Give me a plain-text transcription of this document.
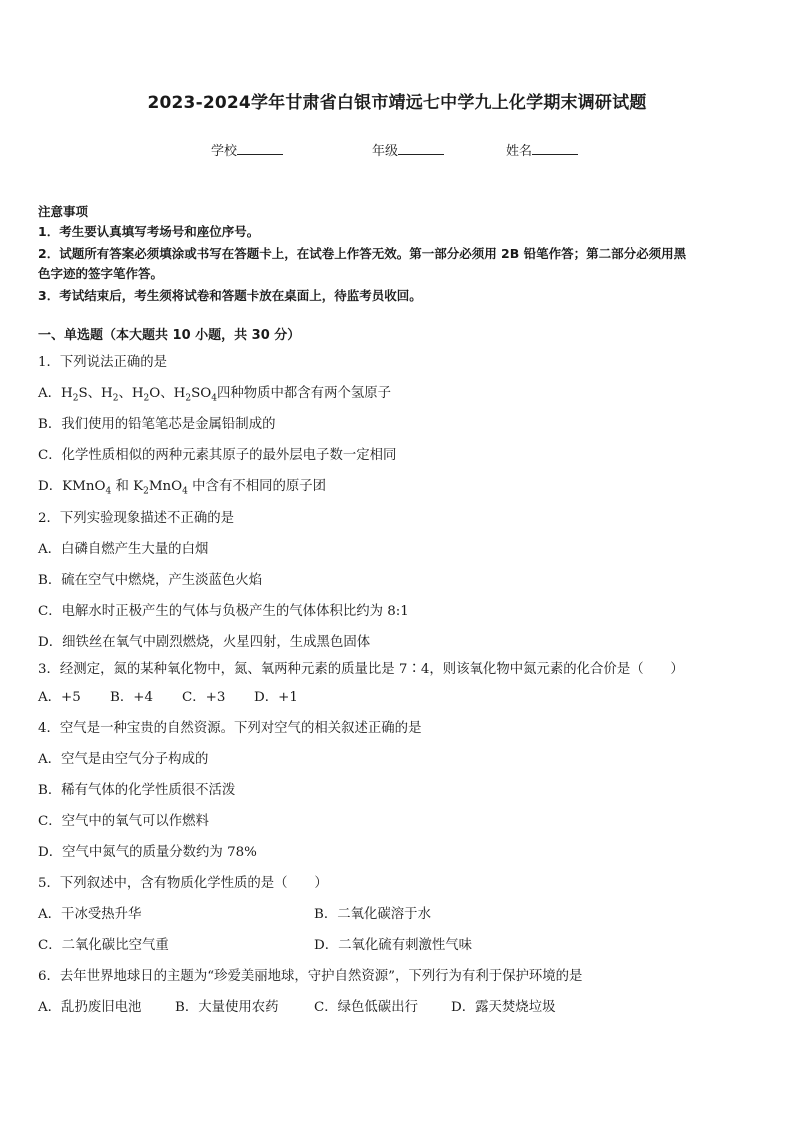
2023-2024学年甘肃省白银市靖远七中学九上化学期末调研试题
学校	年级	姓名
注意事项
1．考生要认真填写考场号和座位序号。
2．试题所有答案必须填涂或书写在答题卡上，在试卷上作答无效。第一部分必须用 2B 铅笔作答；第二部分必须用黑
色字迹的签字笔作答。
3．考试结束后，考生须将试卷和答题卡放在桌面上，待监考员收回。
一、单选题（本大题共 10 小题，共 30 分）
1．下列说法正确的是
A．$H_2S$、$H_2$、$H_2O$、$H_2SO_4$四种物质中都含有两个氢原子
B．我们使用的铅笔笔芯是金属铅制成的
C．化学性质相似的两种元素其原子的最外层电子数一定相同
D．KMnO$_4$ 和 $K_2MnO_4$ 中含有不相同的原子团
2．下列实验现象描述不正确的是
A．白磷自燃产生大量的白烟
B．硫在空气中燃烧，产生淡蓝色火焰
C．电解水时正极产生的气体与负极产生的气体体积比约为 8:1
D．细铁丝在氧气中剧烈燃烧，火星四射，生成黑色固体
3．经测定，氮的某种氧化物中，氮、氧两种元素的质量比是 7∶4，则该氧化物中氮元素的化合价是（　　）
A．+5 B．+4 C．+3 D．+1
4．空气是一种宝贵的自然资源。下列对空气的相关叙述正确的是
A．空气是由空气分子构成的
B．稀有气体的化学性质很不活泼
C．空气中的氧气可以作燃料
D．空气中氮气的质量分数约为 78%
5．下列叙述中，含有物质化学性质的是（　　）
A．干冰受热升华	B．二氧化碳溶于水
C．二氧化碳比空气重	D．二氧化硫有刺激性气味
6．去年世界地球日的主题为“珍爱美丽地球，守护自然资源”，下列行为有利于保护环境的是
A．乱扔废旧电池	B．大量使用农药	C．绿色低碳出行 D．露天焚烧垃圾
